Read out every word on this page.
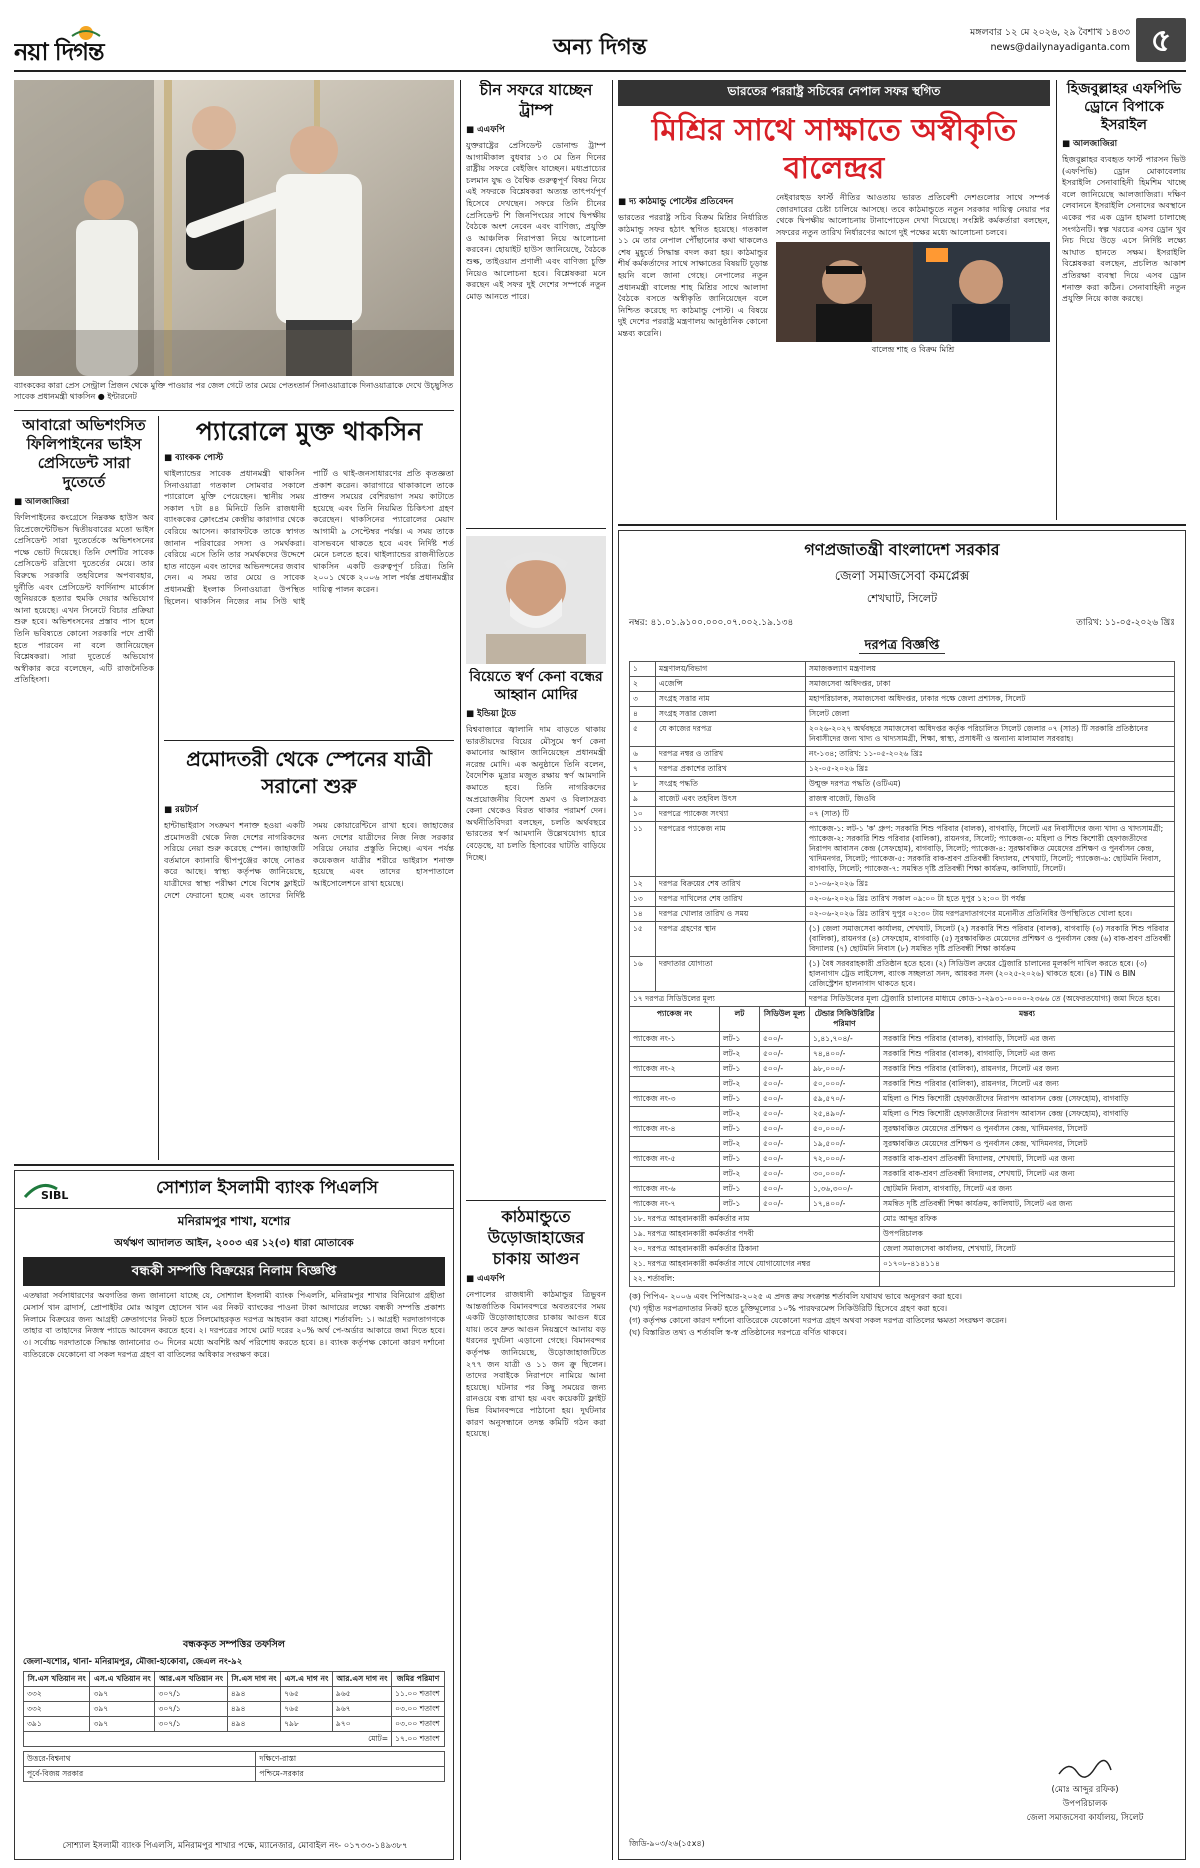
নয়া দিগন্ত	অন্য দিগন্ত
মঙ্গলবার ১২ মে ২০২৬, ২৯ বৈশাখ ১৪৩৩
news@dailynayadiganta.com ৫
ব্যাংককের কারা প্রেস সেন্ট্রাল প্রিজন থেকে মুক্তি পাওয়ার পর জেল গেটে তার মেয়ে পেতংতার্ন সিনাওয়াত্রাকে দিনাওয়াত্রাকে দেখে উচ্ছ্বসিত সাবেক প্রধানমন্ত্রী থাকসিন ● ইন্টারনেট
আবারো অভিশংসিত ফিলিপাইনের ভাইস প্রেসিডেন্ট সারা দুতের্তে
■ আলজাজিরা
ফিলিপাইনের কংগ্রেসে নিম্নকক্ষ হাউস অব রিপ্রেজেন্টেটিভস দ্বিতীয়বারের মতো ভাইস প্রেসিডেন্ট সারা দুতের্তেকে অভিশংসনের পক্ষে ভোট দিয়েছে। তিনি দেশটির সাবেক প্রেসিডেন্ট রদ্রিগো দুতের্তের মেয়ে। তার বিরুদ্ধে সরকারি তহবিলের অপব্যবহার, দুর্নীতি এবং প্রেসিডেন্ট ফার্দিনান্দ মার্কোস জুনিয়রকে হত্যার হুমকি দেয়ার অভিযোগ আনা হয়েছে। এখন সিনেটে বিচার প্রক্রিয়া শুরু হবে। অভিশংসনের প্রস্তাব পাস হলে তিনি ভবিষ্যতে কোনো সরকারি পদে প্রার্থী হতে পারবেন না বলে জানিয়েছেন বিশ্লেষকরা। সারা দুতের্তে অভিযোগ অস্বীকার করে বলেছেন, এটি রাজনৈতিক প্রতিহিংসা।
প্যারোলে মুক্ত থাকসিন
■ ব্যাংকক পোস্ট
থাইল্যান্ডের সাবেক প্রধানমন্ত্রী থাকসিন সিনাওয়াত্রা গতকাল সোমবার সকালে প্যারোলে মুক্তি পেয়েছেন। স্থানীয় সময় সকাল ৭টা ৪৪ মিনিটে তিনি রাজধানী ব্যাংককের ক্লোংপ্রেম কেন্দ্রীয় কারাগার থেকে বেরিয়ে আসেন। কারাফটকে তাকে স্বাগত জানান পরিবারের সদস্য ও সমর্থকরা। বেরিয়ে এসে তিনি তার সমর্থকদের উদ্দেশে হাত নাড়েন এবং তাদের অভিনন্দনের জবাব দেন। এ সময় তার মেয়ে ও সাবেক প্রধানমন্ত্রী ইংলাক সিনাওয়াত্রা উপস্থিত ছিলেন। থাকসিন নিজের নাম সিউ থাই পার্টি ও থাই-জনসাধারণের প্রতি কৃতজ্ঞতা প্রকাশ করেন। কারাগারে থাকাকালে তাকে প্রাক্তন সময়ের বেশিরভাগ সময় কাটাতে হয়েছে এবং তিনি নিয়মিত চিকিৎসা গ্রহণ করেছেন। থাকসিনের প্যারোলের মেয়াদ আগামী ৯ সেপ্টেম্বর পর্যন্ত। এ সময় তাকে বাসভবনে থাকতে হবে এবং নির্দিষ্ট শর্ত মেনে চলতে হবে। থাইল্যান্ডের রাজনীতিতে থাকসিন একটি গুরুত্বপূর্ণ চরিত্র। তিনি ২০০১ থেকে ২০০৬ সাল পর্যন্ত প্রধানমন্ত্রীর দায়িত্ব পালন করেন।
প্রমোদতরী থেকে স্পেনের যাত্রী সরানো শুরু
■ রয়টার্স
হান্টাভাইরাস সংক্রমণ শনাক্ত হওয়া একটি প্রমোদতরী থেকে নিজ দেশের নাগরিকদের সরিয়ে নেয়া শুরু করেছে স্পেন। জাহাজটি বর্তমানে ক্যানারি দ্বীপপুঞ্জের কাছে নোঙর করে আছে। স্বাস্থ্য কর্তৃপক্ষ জানিয়েছে, যাত্রীদের স্বাস্থ্য পরীক্ষা শেষে বিশেষ ফ্লাইটে দেশে ফেরানো হচ্ছে এবং তাদের নির্দিষ্ট সময় কোয়ারেন্টিনে রাখা হবে। জাহাজের অন্য দেশের যাত্রীদের নিজ নিজ সরকার সরিয়ে নেয়ার প্রস্তুতি নিচ্ছে। এখন পর্যন্ত কয়েকজন যাত্রীর শরীরে ভাইরাস শনাক্ত হয়েছে এবং তাদের হাসপাতালে আইসোলেশনে রাখা হয়েছে।
SIBL	সোশ্যাল ইসলামী ব্যাংক পিএলসি
মনিরামপুর শাখা, যশোর
অর্থঋণ আদালত আইন, ২০০৩ এর ১২(৩) ধারা মোতাবেক
বন্ধকী সম্পত্তি বিক্রয়ের নিলাম বিজ্ঞপ্তি
এতদ্বারা সর্বসাধারণের অবগতির জন্য জানানো যাচ্ছে যে, সোশ্যাল ইসলামী ব্যাংক পিএলসি, মনিরামপুর শাখার বিনিয়োগ গ্রহীতা মেসার্স খান ব্রাদার্স, প্রোপাইটর মোঃ আবুল হোসেন খান এর নিকট ব্যাংকের পাওনা টাকা আদায়ের লক্ষ্যে বন্ধকী সম্পত্তি প্রকাশ্য নিলামে বিক্রয়ের জন্য আগ্রহী ক্রেতাগণের নিকট হতে সিলমোহরকৃত দরপত্র আহবান করা যাচ্ছে। শর্তাবলি: ১। আগ্রহী দরদাতাগণকে তাহার বা তাহাদের নিজস্ব প্যাডে আবেদন করতে হবে। ২। দরপত্রের সাথে মোট দরের ২০% অর্থ পে-অর্ডার আকারে জমা দিতে হবে। ৩। সর্বোচ্চ দরদাতাকে সিদ্ধান্ত জানানোর ৩০ দিনের মধ্যে অবশিষ্ট অর্থ পরিশোধ করতে হবে। ৪। ব্যাংক কর্তৃপক্ষ কোনো কারণ দর্শানো ব্যতিরেকে যেকোনো বা সকল দরপত্র গ্রহণ বা বাতিলের অধিকার সংরক্ষণ করে।
বন্ধককৃত সম্পত্তির তফসিল
জেলা-যশোর, থানা- মনিরামপুর, মৌজা-হাকোবা, জেএল নং-৯২
সি.এস খতিয়ান নং	এস.এ খতিয়ান নং	আর.এস খতিয়ান নং	সি.এস দাগ নং	এস.এ দাগ নং	আর.এস দাগ নং	জমির পরিমাণ
৩৩২	৩৯৭	৩০৭/১	৪৯৪	৭৬৫	৯৬৫	১১.০০ শতাংশ
৩৩২	৩৯৭	৩০৭/১	৪৯৪	৭৬৫	৯৬৭	০৩.০০ শতাংশ
৩৯১	৩৯৭	৩০৭/১	৪৯৪	৭৯৮	৯৭০	০৩.০০ শতাংশ
মোট=						১৭.০০ শতাংশ
উত্তরে-বিশ্বনাথ	দক্ষিণে-রাস্তা
পূর্বে-বিজয় সরকার	পশ্চিমে-সরকার
সোশ্যাল ইসলামী ব্যাংক পিএলসি, মনিরামপুর শাখার পক্ষে, ম্যানেজার, মোবাইল নং- ০১৭৩৩-১৪৯৩৮৭
চীন সফরে যাচ্ছেন ট্রাম্প
■ এএফপি
যুক্তরাষ্ট্রের প্রেসিডেন্ট ডোনাল্ড ট্রাম্প আগামীকাল বুধবার ১৩ মে তিন দিনের রাষ্ট্রীয় সফরে বেইজিং যাচ্ছেন। মধ্যপ্রাচ্যের চলমান যুদ্ধ ও বৈশ্বিক গুরুত্বপূর্ণ বিষয় নিয়ে এই সফরকে বিশ্লেষকরা অত্যন্ত তাৎপর্যপূর্ণ হিসেবে দেখছেন। সফরে তিনি চীনের প্রেসিডেন্ট শি জিনপিংয়ের সাথে দ্বিপক্ষীয় বৈঠকে অংশ নেবেন এবং বাণিজ্য, প্রযুক্তি ও আঞ্চলিক নিরাপত্তা নিয়ে আলোচনা করবেন। হোয়াইট হাউস জানিয়েছে, বৈঠকে শুল্ক, তাইওয়ান প্রণালী এবং বাণিজ্য চুক্তি নিয়েও আলোচনা হবে। বিশ্লেষকরা মনে করছেন এই সফর দুই দেশের সম্পর্কে নতুন মোড় আনতে পারে।
বিয়েতে স্বর্ণ কেনা বন্ধের আহ্বান মোদির
■ ইন্ডিয়া টুডে
বিশ্ববাজারে জ্বালানি দাম বাড়তে থাকায় ভারতীয়দের বিয়ের মৌসুমে স্বর্ণ কেনা কমানোর আহ্বান জানিয়েছেন প্রধানমন্ত্রী নরেন্দ্র মোদি। এক অনুষ্ঠানে তিনি বলেন, বৈদেশিক মুদ্রার মজুত রক্ষায় স্বর্ণ আমদানি কমাতে হবে। তিনি নাগরিকদের অপ্রয়োজনীয় বিদেশ ভ্রমণ ও বিলাসদ্রব্য কেনা থেকেও বিরত থাকার পরামর্শ দেন। অর্থনীতিবিদরা বলছেন, চলতি অর্থবছরে ভারতের স্বর্ণ আমদানি উল্লেখযোগ্য হারে বেড়েছে, যা চলতি হিসাবের ঘাটতি বাড়িয়ে দিচ্ছে।
কাঠমান্ডুতে উড়োজাহাজের চাকায় আগুন
■ এএফপি
নেপালের রাজধানী কাঠমান্ডুর ত্রিভুবন আন্তর্জাতিক বিমানবন্দরে অবতরণের সময় একটি উড়োজাহাজের চাকায় আগুন ধরে যায়। তবে দ্রুত আগুন নিয়ন্ত্রণে আনায় বড় ধরনের দুর্ঘটনা এড়ানো গেছে। বিমানবন্দর কর্তৃপক্ষ জানিয়েছে, উড়োজাহাজটিতে ২৭৭ জন যাত্রী ও ১১ জন ক্রু ছিলেন। তাদের সবাইকে নিরাপদে নামিয়ে আনা হয়েছে। ঘটনার পর কিছু সময়ের জন্য রানওয়ে বন্ধ রাখা হয় এবং কয়েকটি ফ্লাইট ভিন্ন বিমানবন্দরে পাঠানো হয়। দুর্ঘটনার কারণ অনুসন্ধানে তদন্ত কমিটি গঠন করা হয়েছে।
ভারতের পররাষ্ট্র সচিবের নেপাল সফর স্থগিত
মিশ্রির সাথে সাক্ষাতে অস্বীকৃতি বালেন্দ্রর
■ দ্য কাঠমান্ডু পোস্টের প্রতিবেদন
ভারতের পররাষ্ট্র সচিব বিক্রম মিশ্রির নির্ধারিত কাঠমান্ডু সফর হঠাৎ স্থগিত হয়েছে। গতকাল ১১ মে তার নেপাল পৌঁছানোর কথা থাকলেও শেষ মুহূর্তে সিদ্ধান্ত বদল করা হয়। কাঠমান্ডুর শীর্ষ কর্মকর্তাদের সাথে সাক্ষাতের বিষয়টি চূড়ান্ত হয়নি বলে জানা গেছে। নেপালের নতুন প্রধানমন্ত্রী বালেন্দ্র শাহ মিশ্রির সাথে আলাদা বৈঠকে বসতে অস্বীকৃতি জানিয়েছেন বলে নিশ্চিত করেছে দ্য কাঠমান্ডু পোস্ট। এ বিষয়ে দুই দেশের পররাষ্ট্র মন্ত্রণালয় আনুষ্ঠানিক কোনো মন্তব্য করেনি।
নেইবারহুড ফার্স্ট নীতির আওতায় ভারত প্রতিবেশী দেশগুলোর সাথে সম্পর্ক জোরদারের চেষ্টা চালিয়ে আসছে। তবে কাঠমান্ডুতে নতুন সরকার দায়িত্ব নেয়ার পর থেকে দ্বিপক্ষীয় আলোচনায় টানাপোড়েন দেখা দিয়েছে। সংশ্লিষ্ট কর্মকর্তারা বলছেন, সফরের নতুন তারিখ নির্ধারণের আগে দুই পক্ষের মধ্যে আলোচনা চলবে।
বালেন্দ্র শাহ ও বিক্রম মিশ্রি
হিজবুল্লাহর এফপিভি ড্রোনে বিপাকে ইসরাইল
■ আলজাজিরা
হিজবুল্লাহর ব্যবহৃত ফার্স্ট পারসন ভিউ (এফপিভি) ড্রোন মোকাবেলায় ইসরাইলি সেনাবাহিনী হিমশিম খাচ্ছে বলে জানিয়েছে আলজাজিরা। দক্ষিণ লেবাননে ইসরাইলি সেনাদের অবস্থানে একের পর এক ড্রোন হামলা চালাচ্ছে সংগঠনটি। স্বল্প খরচের এসব ড্রোন খুব নিচ দিয়ে উড়ে এসে নির্দিষ্ট লক্ষ্যে আঘাত হানতে সক্ষম। ইসরাইলি বিশ্লেষকরা বলছেন, প্রচলিত আকাশ প্রতিরক্ষা ব্যবস্থা দিয়ে এসব ড্রোন শনাক্ত করা কঠিন। সেনাবাহিনী নতুন প্রযুক্তি নিয়ে কাজ করছে।
গণপ্রজাতন্ত্রী বাংলাদেশ সরকার
জেলা সমাজসেবা কমপ্লেক্স
শেখঘাট, সিলেট
নম্বর: ৪১.০১.৯১০০.০০০.০৭.০০২.১৯.১৩৪	তারিখ: ১১-০৫-২০২৬ খ্রিঃ
দরপত্র বিজ্ঞপ্তি
১	মন্ত্রণালয়/বিভাগ	সমাজকল্যাণ মন্ত্রণালয়
২	এজেন্সি	সমাজসেবা অধিদপ্তর, ঢাকা
৩	সংগ্রহ সত্তার নাম	মহাপরিচালক, সমাজসেবা অধিদপ্তর, ঢাকার পক্ষে জেলা প্রশাসক, সিলেট
৪	সংগ্রহ সত্তার জেলা	সিলেট জেলা
৫	যে কাজের দরপত্র	২০২৬-২০২৭ অর্থবছরে সমাজসেবা অধিদপ্তর কর্তৃক পরিচালিত সিলেট জেলার ০৭ (সাত) টি সরকারি প্রতিষ্ঠানের নিবাসীদের জন্য খাদ্য ও খাদ্যসামগ্রী, শিক্ষা, স্বাস্থ্য, প্রসাধনী ও অন্যান্য মালামাল সরবরাহ।
৬	দরপত্র নম্বর ও তারিখ	নং-১৩৪; তারিখ: ১১-০৫-২০২৬ খ্রিঃ
৭	দরপত্র প্রকাশের তারিখ	১২-০৫-২০২৬ খ্রিঃ
৮	সংগ্রহ পদ্ধতি	উন্মুক্ত দরপত্র পদ্ধতি (ওটিএম)
৯	বাজেট এবং তহবিল উৎস	রাজস্ব বাজেট, জিওবি
১০	দরপত্রে প্যাকেজ সংখ্যা	০৭ (সাত) টি
১১	দরপত্রের প্যাকেজ নাম	প্যাকেজ-১: লট-১ 'ক' গ্রুপ: সরকারি শিশু পরিবার (বালক), বাগবাড়ি, সিলেট এর নিবাসীদের জন্য খাদ্য ও খাদ্যসামগ্রী; প্যাকেজ-২: সরকারি শিশু পরিবার (বালিকা), রায়নগর, সিলেট; প্যাকেজ-৩: মহিলা ও শিশু কিশোরী হেফাজতীদের নিরাপদ আবাসন কেন্দ্র (সেফহোম), বাগবাড়ি, সিলেট; প্যাকেজ-৪: সুরক্ষাবঞ্চিত মেয়েদের প্রশিক্ষণ ও পুনর্বাসন কেন্দ্র, খাদিমনগর, সিলেট; প্যাকেজ-৫: সরকারি বাক-শ্রবণ প্রতিবন্ধী বিদ্যালয়, শেখঘাট, সিলেট; প্যাকেজ-৬: ছোটমনি নিবাস, বাগবাড়ি, সিলেট; প্যাকেজ-৭: সমন্বিত দৃষ্টি প্রতিবন্ধী শিক্ষা কার্যক্রম, কালিঘাট, সিলেট।
১২	দরপত্র বিক্রয়ের শেষ তারিখ	০১-০৬-২০২৬ খ্রিঃ
১৩	দরপত্র দাখিলের শেষ তারিখ	০২-০৬-২০২৬ খ্রিঃ তারিখ সকাল ০৯:০০ টা হতে দুপুর ১২:০০ টা পর্যন্ত
১৪	দরপত্র খোলার তারিখ ও সময়	০২-০৬-২০২৬ খ্রিঃ তারিখ দুপুর ০২:৩০ টায় দরপত্রদাতাগণের মনোনীত প্রতিনিধির উপস্থিতিতে খোলা হবে।
১৫	দরপত্র গ্রহণের স্থান	(১) জেলা সমাজসেবা কার্যালয়, শেখঘাট, সিলেট (২) সরকারি শিশু পরিবার (বালক), বাগবাড়ি (৩) সরকারি শিশু পরিবার (বালিকা), রায়নগর (৪) সেফহোম, বাগবাড়ি (৫) সুরক্ষাবঞ্চিত মেয়েদের প্রশিক্ষণ ও পুনর্বাসন কেন্দ্র (৬) বাক-শ্রবণ প্রতিবন্ধী বিদ্যালয় (৭) ছোটমনি নিবাস (৮) সমন্বিত দৃষ্টি প্রতিবন্ধী শিক্ষা কার্যক্রম
১৬	দরদাতার যোগ্যতা	(১) বৈধ সরবরাহকারী প্রতিষ্ঠান হতে হবে। (২) সিডিউল ক্রয়ের ট্রেজারি চালানের মূলকপি দাখিল করতে হবে। (৩) হালনাগাদ ট্রেড লাইসেন্স, ব্যাংক সচ্ছলতা সনদ, আয়কর সনদ (২০২৫-২০২৬) থাকতে হবে। (৪) TIN ও BIN রেজিস্ট্রেশন হালনাগাদ থাকতে হবে।
১৭ দরপত্র সিডিউলের মূল্য	দরপত্র সিডিউলের মূল্য ট্রেজারি চালানের মাধ্যমে কোড-১-২৯৩১-০০০০-২৩৬৬ তে (অফেরতযোগ্য) জমা দিতে হবে।
প্যাকেজ নং	লট	সিডিউল মূল্য	টেন্ডার সিকিউরিটির পরিমাণ	মন্তব্য
প্যাকেজ নং-১	লট-১	৫০০/-	১,৪১,৭০৪/-	সরকারি শিশু পরিবার (বালক), বাগবাড়ি, সিলেট এর জন্য
	লট-২	৫০০/-	৭৪,৪০০/-	সরকারি শিশু পরিবার (বালক), বাগবাড়ি, সিলেট এর জন্য
প্যাকেজ নং-২	লট-১	৫০০/-	৯৮,০০০/-	সরকারি শিশু পরিবার (বালিকা), রায়নগর, সিলেট এর জন্য
	লট-২	৫০০/-	৫০,০০০/-	সরকারি শিশু পরিবার (বালিকা), রায়নগর, সিলেট এর জন্য
প্যাকেজ নং-৩	লট-১	৫০০/-	৫৯,৫৭০/-	মহিলা ও শিশু কিশোরী হেফাজতীদের নিরাপদ আবাসন কেন্দ্র (সেফহোম), বাগবাড়ি
	লট-২	৫০০/-	২৫,৪৯০/-	মহিলা ও শিশু কিশোরী হেফাজতীদের নিরাপদ আবাসন কেন্দ্র (সেফহোম), বাগবাড়ি
প্যাকেজ নং-৪	লট-১	৫০০/-	৫০,০০০/-	সুরক্ষাবঞ্চিত মেয়েদের প্রশিক্ষণ ও পুনর্বাসন কেন্দ্র, খাদিমনগর, সিলেট
	লট-২	৫০০/-	১৯,৫০০/-	সুরক্ষাবঞ্চিত মেয়েদের প্রশিক্ষণ ও পুনর্বাসন কেন্দ্র, খাদিমনগর, সিলেট
প্যাকেজ নং-৫	লট-১	৫০০/-	৭২,০০০/-	সরকারি বাক-শ্রবণ প্রতিবন্ধী বিদ্যালয়, শেখঘাট, সিলেট এর জন্য
	লট-২	৫০০/-	৩০,০০০/-	সরকারি বাক-শ্রবণ প্রতিবন্ধী বিদ্যালয়, শেখঘাট, সিলেট এর জন্য
প্যাকেজ নং-৬	লট-১	৫০০/-	১,৩৬,৩০০/-	ছোটমনি নিবাস, বাগবাড়ি, সিলেট এর জন্য
প্যাকেজ নং-৭	লট-১	৫০০/-	১৭,৪০০/-	সমন্বিত দৃষ্টি প্রতিবন্ধী শিক্ষা কার্যক্রম, কালিঘাট, সিলেট এর জন্য
১৮. দরপত্র আহবানকারী কর্মকর্তার নাম	মোঃ আব্দুর রফিক
১৯. দরপত্র আহবানকারী কর্মকর্তার পদবী	উপপরিচালক
২০. দরপত্র আহবানকারী কর্মকর্তার ঠিকানা	জেলা সমাজসেবা কার্যালয়, শেখঘাট, সিলেট
২১. দরপত্র আহবানকারী কর্মকর্তার সাথে যোগাযোগের নম্বর	০১৭০৮-৪১৪১১৪
২২. শর্তাবলি:	
(ক) পিপিএ- ২০০৬ এবং পিপিআর-২০২৫ এ প্রদত্ত ক্রয় সংক্রান্ত শর্তাবলি যথাযথ ভাবে অনুসরণ করা হবে।
(খ) গৃহীত দরপত্রদাতার নিকট হতে চুক্তিমূল্যের ১০% পারফরমেন্স সিকিউরিটি হিসেবে গ্রহণ করা হবে।
(গ) কর্তৃপক্ষ কোনো কারণ দর্শানো ব্যতিরেকে যেকোনো দরপত্র গ্রহণ অথবা সকল দরপত্র বাতিলের ক্ষমতা সংরক্ষণ করেন।
(ঘ) বিস্তারিত তথ্য ও শর্তাবলি স্ব-স্ব প্রতিষ্ঠানের দরপত্রে বর্ণিত থাকবে।
(মোঃ আব্দুর রফিক)
উপপরিচালক
জেলা সমাজসেবা কার্যালয়, সিলেট
জিডি-৯০৩/২৬(১৫x৪)
